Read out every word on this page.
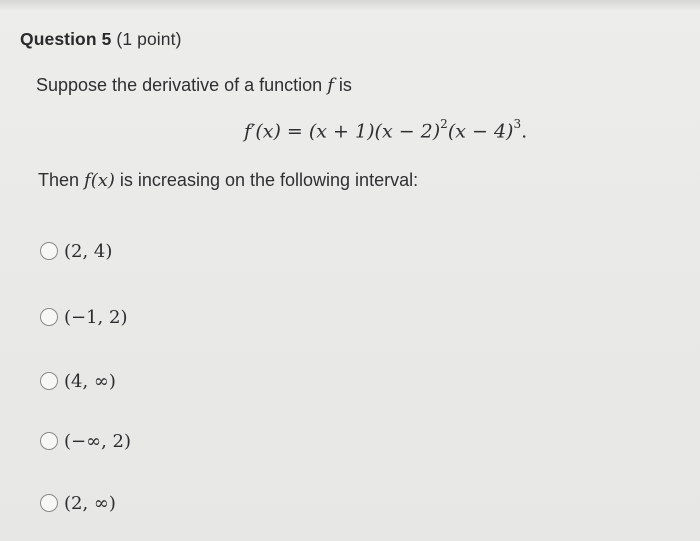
Question 5 (1 point)
Suppose the derivative of a function f is
$f'(x) = (x + 1)(x - 2)^2(x - 4)^3$.
Then f(x) is increasing on the following interval:
(2, 4)
(−1, 2)
(4, ∞)
(−∞, 2)
(2, ∞)
